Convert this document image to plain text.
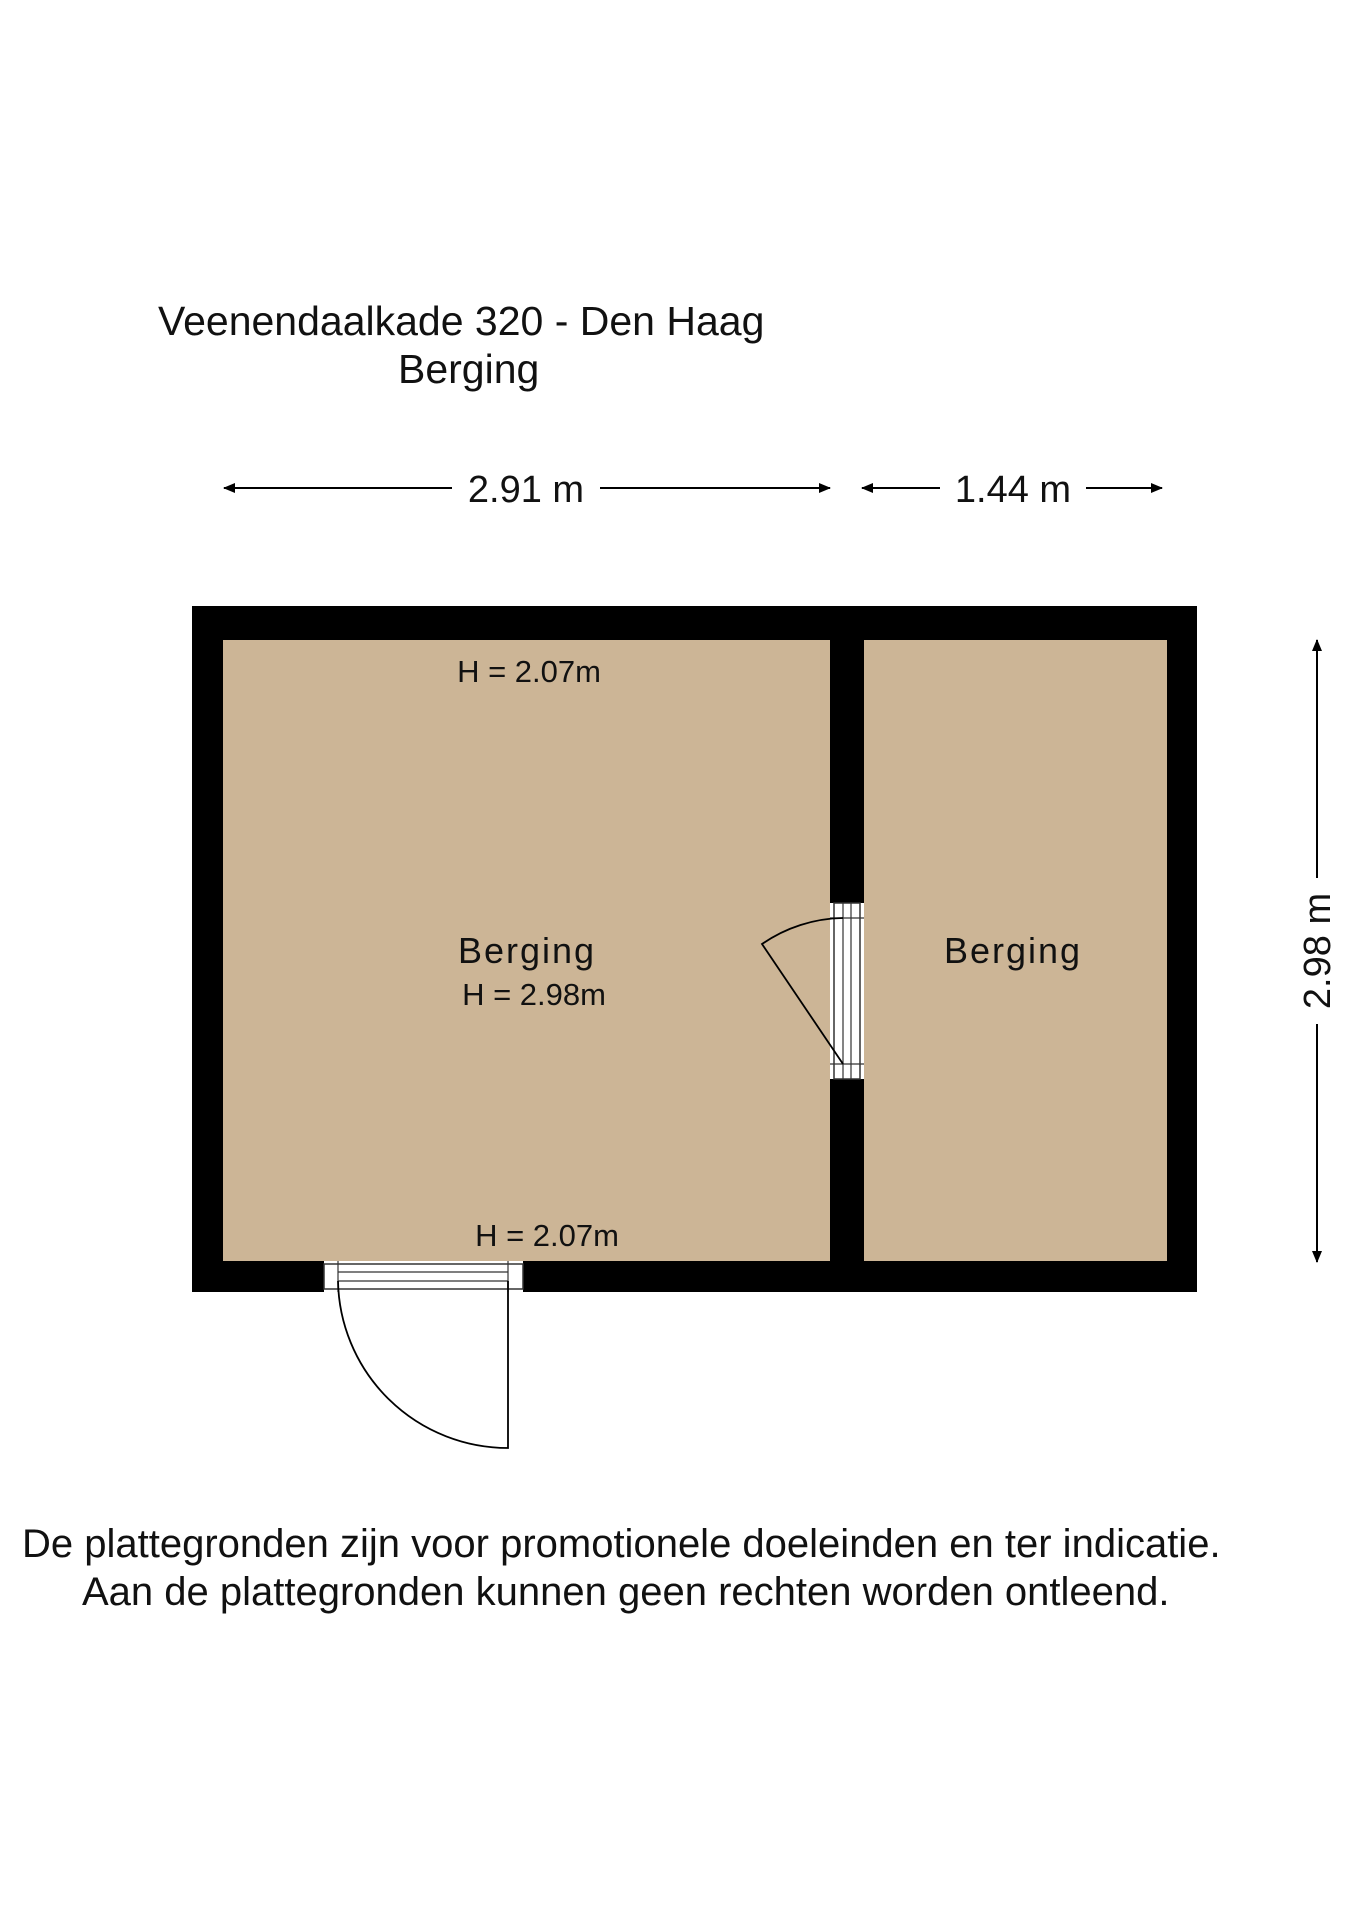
Veenendaalkade 320 - Den Haag
Berging
2.91 m	1.44 m
2.98 m
H = 2.07m
Berging
H = 2.98m
H = 2.07m
Berging
De plattegronden zijn voor promotionele doeleinden en ter indicatie.
Aan de plattegronden kunnen geen rechten worden ontleend.
